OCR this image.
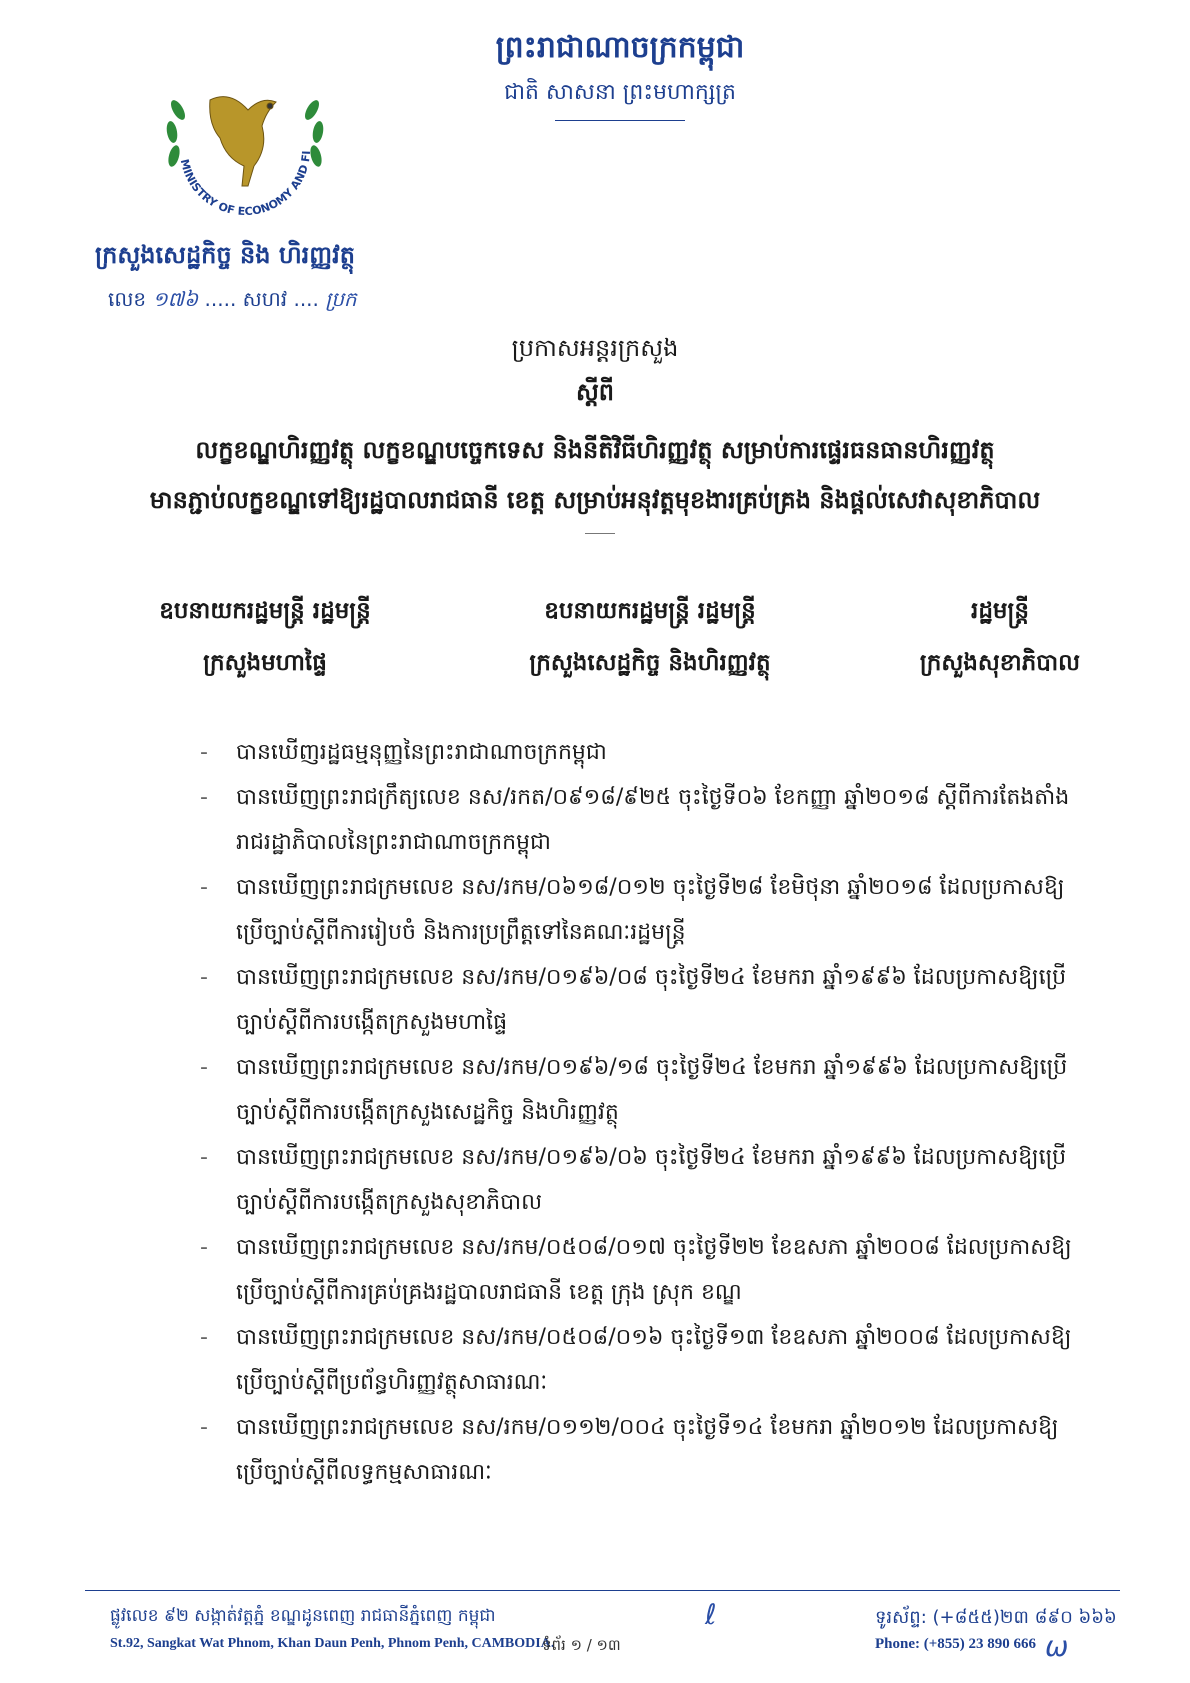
MINISTRY OF ECONOMY AND FI
ក្រសួងសេដ្ឋកិច្ច និង ហិរញ្ញវត្ថុ
លេខ ១៧៦ ..... សហវ .... ប្រក
ព្រះរាជាណាចក្រកម្ពុជា
ជាតិ សាសនា ព្រះមហាក្សត្រ
ប្រកាសអន្តរក្រសួង
ស្តីពី
លក្ខខណ្ឌហិរញ្ញវត្ថុ លក្ខខណ្ឌបច្ចេកទេស និងនីតិវិធីហិរញ្ញវត្ថុ សម្រាប់ការផ្ទេរធនធានហិរញ្ញវត្ថុ
មានភ្ជាប់លក្ខខណ្ឌទៅឱ្យរដ្ឋបាលរាជធានី ខេត្ត សម្រាប់អនុវត្តមុខងារគ្រប់គ្រង និងផ្តល់សេវាសុខាភិបាល
ឧបនាយករដ្ឋមន្ត្រី រដ្ឋមន្ត្រី
ក្រសួងមហាផ្ទៃ
ឧបនាយករដ្ឋមន្ត្រី រដ្ឋមន្ត្រី
ក្រសួងសេដ្ឋកិច្ច និងហិរញ្ញវត្ថុ
រដ្ឋមន្ត្រី
ក្រសួងសុខាភិបាល
- បានឃើញរដ្ឋធម្មនុញ្ញនៃព្រះរាជាណាចក្រកម្ពុជា
- បានឃើញព្រះរាជក្រឹត្យលេខ នស/រកត/០៩១៨/៩២៥ ចុះថ្ងៃទី០៦ ខែកញ្ញា ឆ្នាំ២០១៨ ស្តីពីការតែងតាំងរាជរដ្ឋាភិបាលនៃព្រះរាជាណាចក្រកម្ពុជា
- បានឃើញព្រះរាជក្រមលេខ នស/រកម/០៦១៨/០១២ ចុះថ្ងៃទី២៨ ខែមិថុនា ឆ្នាំ២០១៨ ដែលប្រកាសឱ្យប្រើច្បាប់ស្តីពីការរៀបចំ និងការប្រព្រឹត្តទៅនៃគណៈរដ្ឋមន្ត្រី
- បានឃើញព្រះរាជក្រមលេខ នស/រកម/០១៩៦/០៨ ចុះថ្ងៃទី២៤ ខែមករា ឆ្នាំ១៩៩៦ ដែលប្រកាសឱ្យប្រើច្បាប់ស្តីពីការបង្កើតក្រសួងមហាផ្ទៃ
- បានឃើញព្រះរាជក្រមលេខ នស/រកម/០១៩៦/១៨ ចុះថ្ងៃទី២៤ ខែមករា ឆ្នាំ១៩៩៦ ដែលប្រកាសឱ្យប្រើច្បាប់ស្តីពីការបង្កើតក្រសួងសេដ្ឋកិច្ច និងហិរញ្ញវត្ថុ
- បានឃើញព្រះរាជក្រមលេខ នស/រកម/០១៩៦/០៦ ចុះថ្ងៃទី២៤ ខែមករា ឆ្នាំ១៩៩៦ ដែលប្រកាសឱ្យប្រើច្បាប់ស្តីពីការបង្កើតក្រសួងសុខាភិបាល
- បានឃើញព្រះរាជក្រមលេខ នស/រកម/០៥០៨/០១៧ ចុះថ្ងៃទី២២ ខែឧសភា ឆ្នាំ២០០៨ ដែលប្រកាសឱ្យប្រើច្បាប់ស្តីពីការគ្រប់គ្រងរដ្ឋបាលរាជធានី ខេត្ត ក្រុង ស្រុក ខណ្ឌ
- បានឃើញព្រះរាជក្រមលេខ នស/រកម/០៥០៨/០១៦ ចុះថ្ងៃទី១៣ ខែឧសភា ឆ្នាំ២០០៨ ដែលប្រកាសឱ្យប្រើច្បាប់ស្តីពីប្រព័ន្ធហិរញ្ញវត្ថុសាធារណៈ
- បានឃើញព្រះរាជក្រមលេខ នស/រកម/០១១២/០០៤ ចុះថ្ងៃទី១៤ ខែមករា ឆ្នាំ២០១២ ដែលប្រកាសឱ្យប្រើច្បាប់ស្តីពីលទ្ធកម្មសាធារណៈ
ផ្លូវលេខ ៩២ សង្កាត់វត្តភ្នំ ខណ្ឌដូនពេញ រាជធានីភ្នំពេញ កម្ពុជា
St.92, Sangkat Wat Phnom, Khan Daun Penh, Phnom Penh, CAMBODIA.
ទំព័រ ១ / ១៣
ទូរស័ព្ទ: (+៨៥៥)២៣ ៨៩០ ៦៦៦
Phone: (+855) 23 890 666
ℓ
ω
